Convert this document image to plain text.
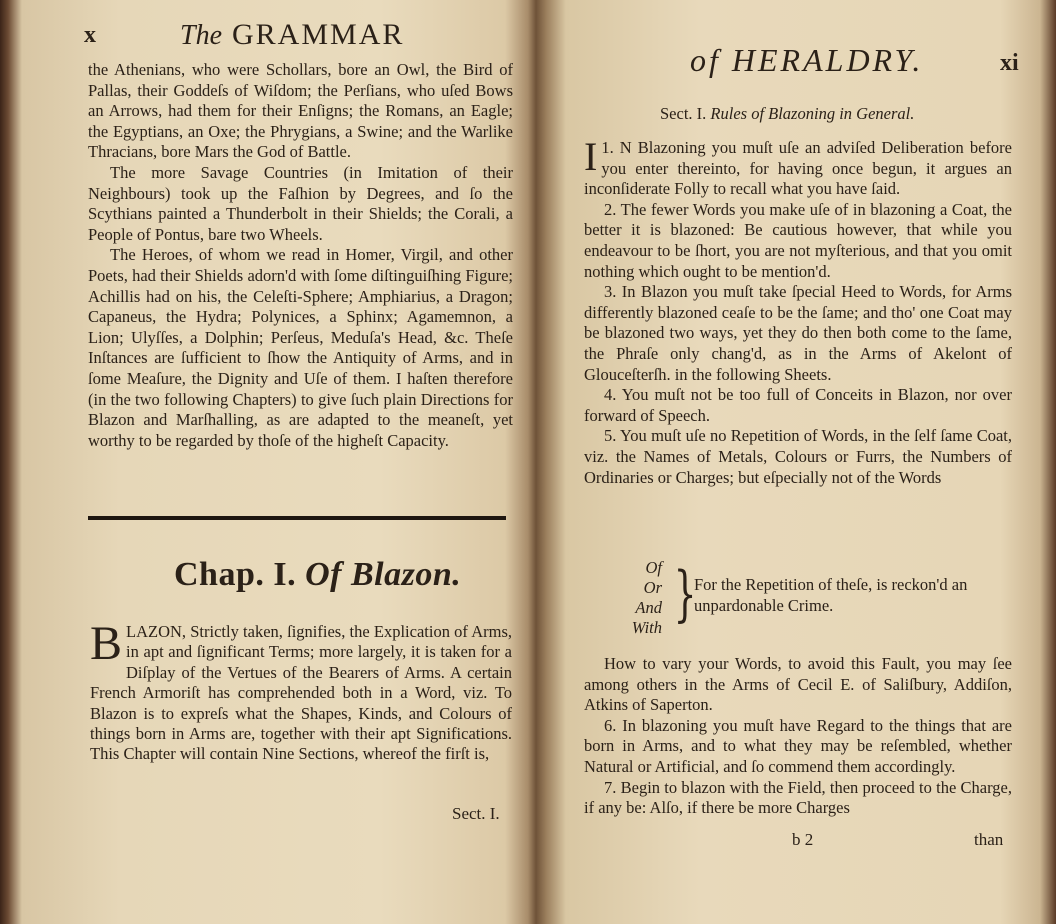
x	The GRAMMAR

the Athenians, who were Schollars, bore an Owl, the Bird of Pallas, their Goddeſs of Wiſdom; the Perſians, who uſed Bows an Arrows, had them for their Enſigns; the Romans, an Eagle; the Egyptians, an Oxe; the Phrygians, a Swine; and the Warlike Thracians, bore Mars the God of Battle.

The more Savage Countries (in Imitation of their Neighbours) took up the Faſhion by Degrees, and ſo the Scythians painted a Thunderbolt in their Shields; the Corali, a People of Pontus, bare two Wheels.

The Heroes, of whom we read in Homer, Virgil, and other Poets, had their Shields adorn'd with ſome diſtinguiſhing Figure; Achillis had on his, the Celeſti-Sphere; Amphiarius, a Dragon; Capaneus, the Hydra; Polynices, a Sphinx; Agamemnon, a Lion; Ulyſſes, a Dolphin; Perſeus, Meduſa's Head, &c. Theſe Inſtances are ſufficient to ſhow the Antiquity of Arms, and in ſome Meaſure, the Dignity and Uſe of them. I haſten therefore (in the two following Chapters) to give ſuch plain Directions for Blazon and Marſhalling, as are adapted to the meaneſt, yet worthy to be regarded by thoſe of the higheſt Capacity.

Chap. I. Of Blazon.
BLAZON, Strictly taken, ſignifies, the Explication of Arms, in apt and ſignificant Terms; more largely, it is taken for a Diſplay of the Vertues of the Bearers of Arms. A certain French Armoriſt has comprehended both in a Word, viz. To Blazon is to expreſs what the Shapes, Kinds, and Colours of things born in Arms are, together with their apt Significations. This Chapter will contain Nine Sections, whereof the firſt is,
Sect. I.
of HERALDRY.	xi
Sect. I. Rules of Blazoning in General.

1.
I N Blazoning you muſt uſe an adviſed Deliberation before you enter thereinto, for having once begun, it argues an inconſiderate Folly to recall what you have ſaid.

2. The fewer Words you make uſe of in blazoning a Coat, the better it is blazoned: Be cautious however, that while you endeavour to be ſhort, you are not myſterious, and that you omit nothing which ought to be mention'd.

3. In Blazon you muſt take ſpecial Heed to Words, for Arms differently blazoned ceaſe to be the ſame; and tho' one Coat may be blazoned two ways, yet they do then both come to the ſame, the Phraſe only chang'd, as in the Arms of Akelont of Glouceſterſh. in the following Sheets.

4. You muſt not be too full of Conceits in Blazon, nor over forward of Speech.

5. You muſt uſe no Repetition of Words, in the ſelf ſame Coat, viz. the Names of Metals, Colours or Furrs, the Numbers of Ordinaries or Charges; but eſpecially not of the Words

Of
Or
And
With }
For the Repetition of theſe, is reckon'd an unpardonable Crime.

How to vary your Words, to avoid this Fault, you may ſee among others in the Arms of Cecil E. of Saliſbury, Addiſon, Atkins of Saperton.

6. In blazoning you muſt have Regard to the things that are born in Arms, and to what they may be reſembled, whether Natural or Artificial, and ſo commend them accordingly.

7. Begin to blazon with the Field, then proceed to the Charge, if any be: Alſo, if there be more Charges

b 2	than
